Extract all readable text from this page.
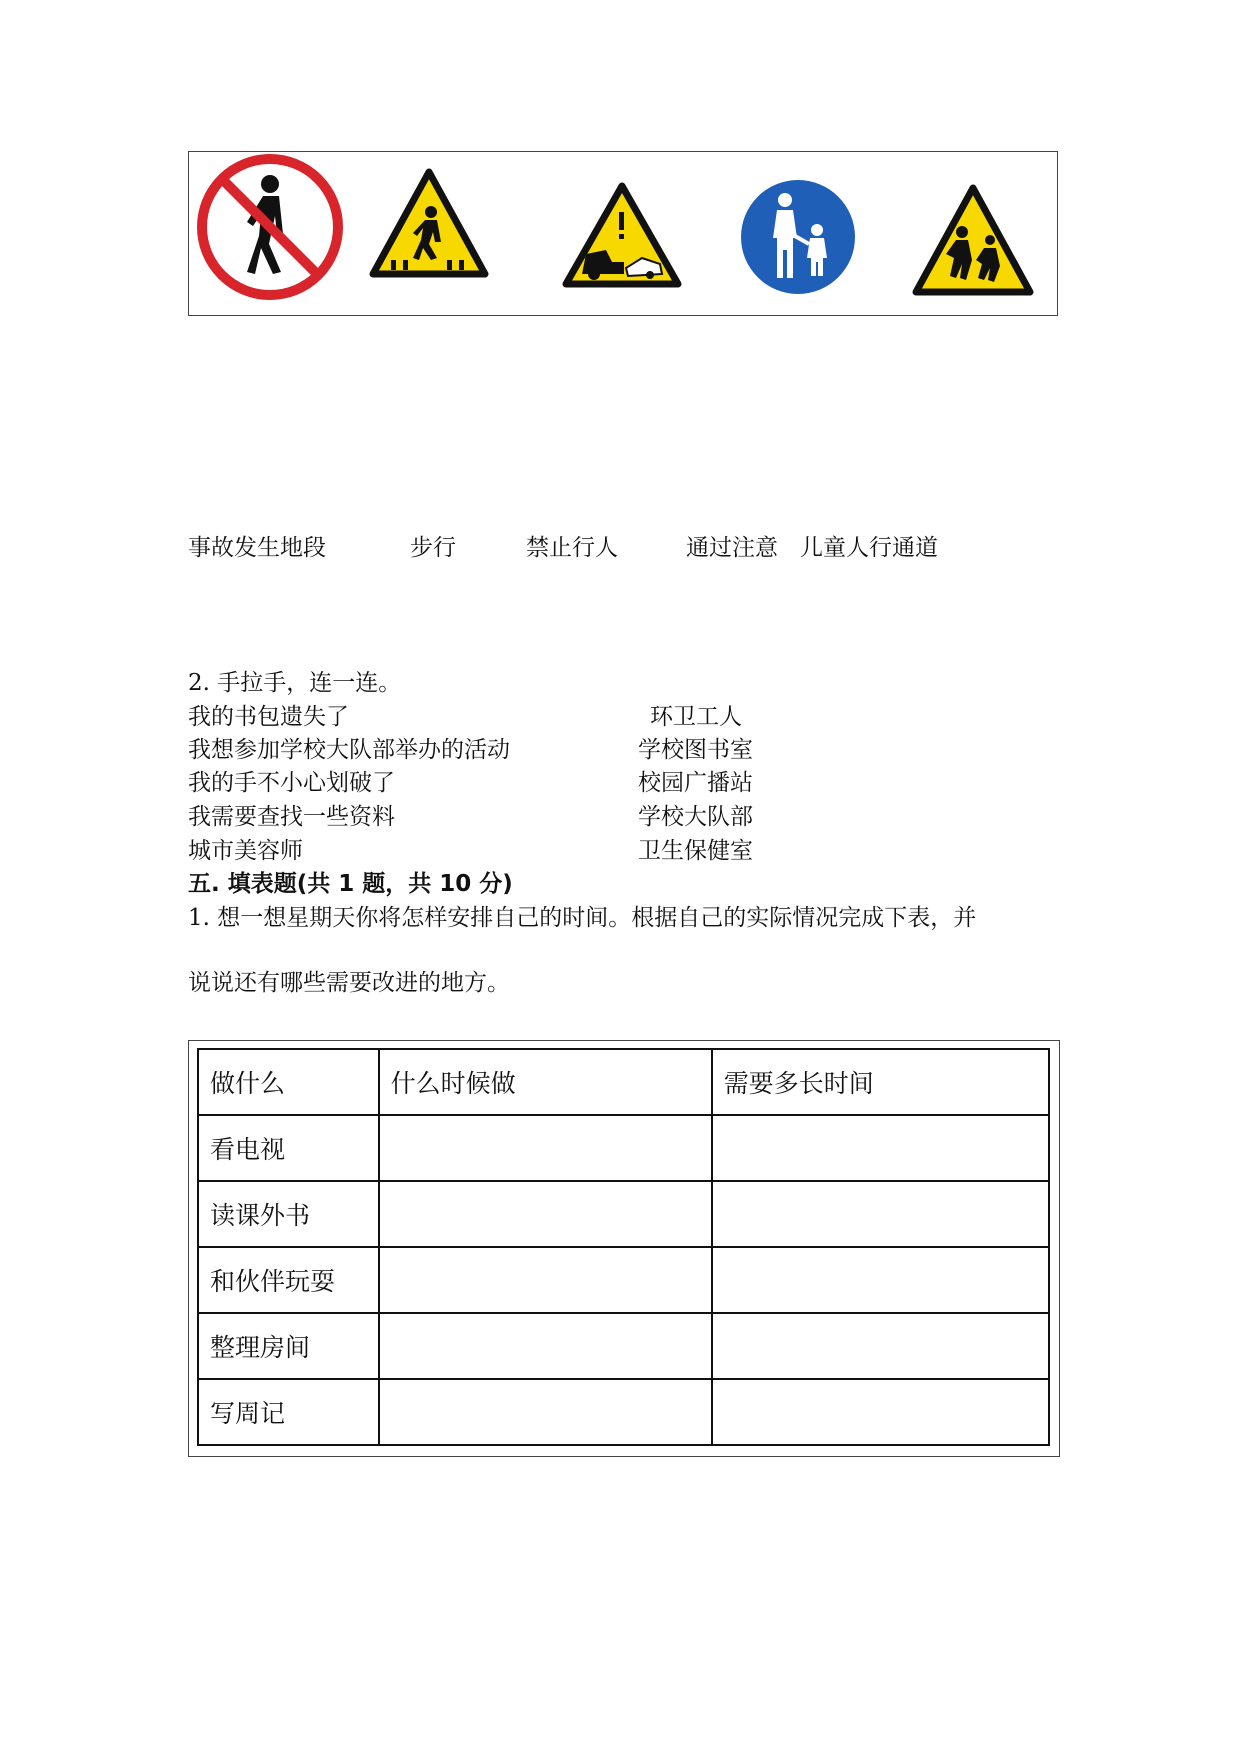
事故发生地段	步行	禁止行人	通过注意 儿童人行通道
2. 手拉手，连一连。
我的书包遗失了
我想参加学校大队部举办的活动
我的手不小心划破了
我需要查找一些资料
城市美容师
环卫工人
学校图书室
校园广播站
学校大队部
卫生保健室
五. 填表题(共 1 题，共 10 分)
1. 想一想星期天你将怎样安排自己的时间。根据自己的实际情况完成下表，并
说说还有哪些需要改进的地方。
做什么	什么时候做	需要多长时间
看电视		
读课外书		
和伙伴玩耍		
整理房间		
写周记		
